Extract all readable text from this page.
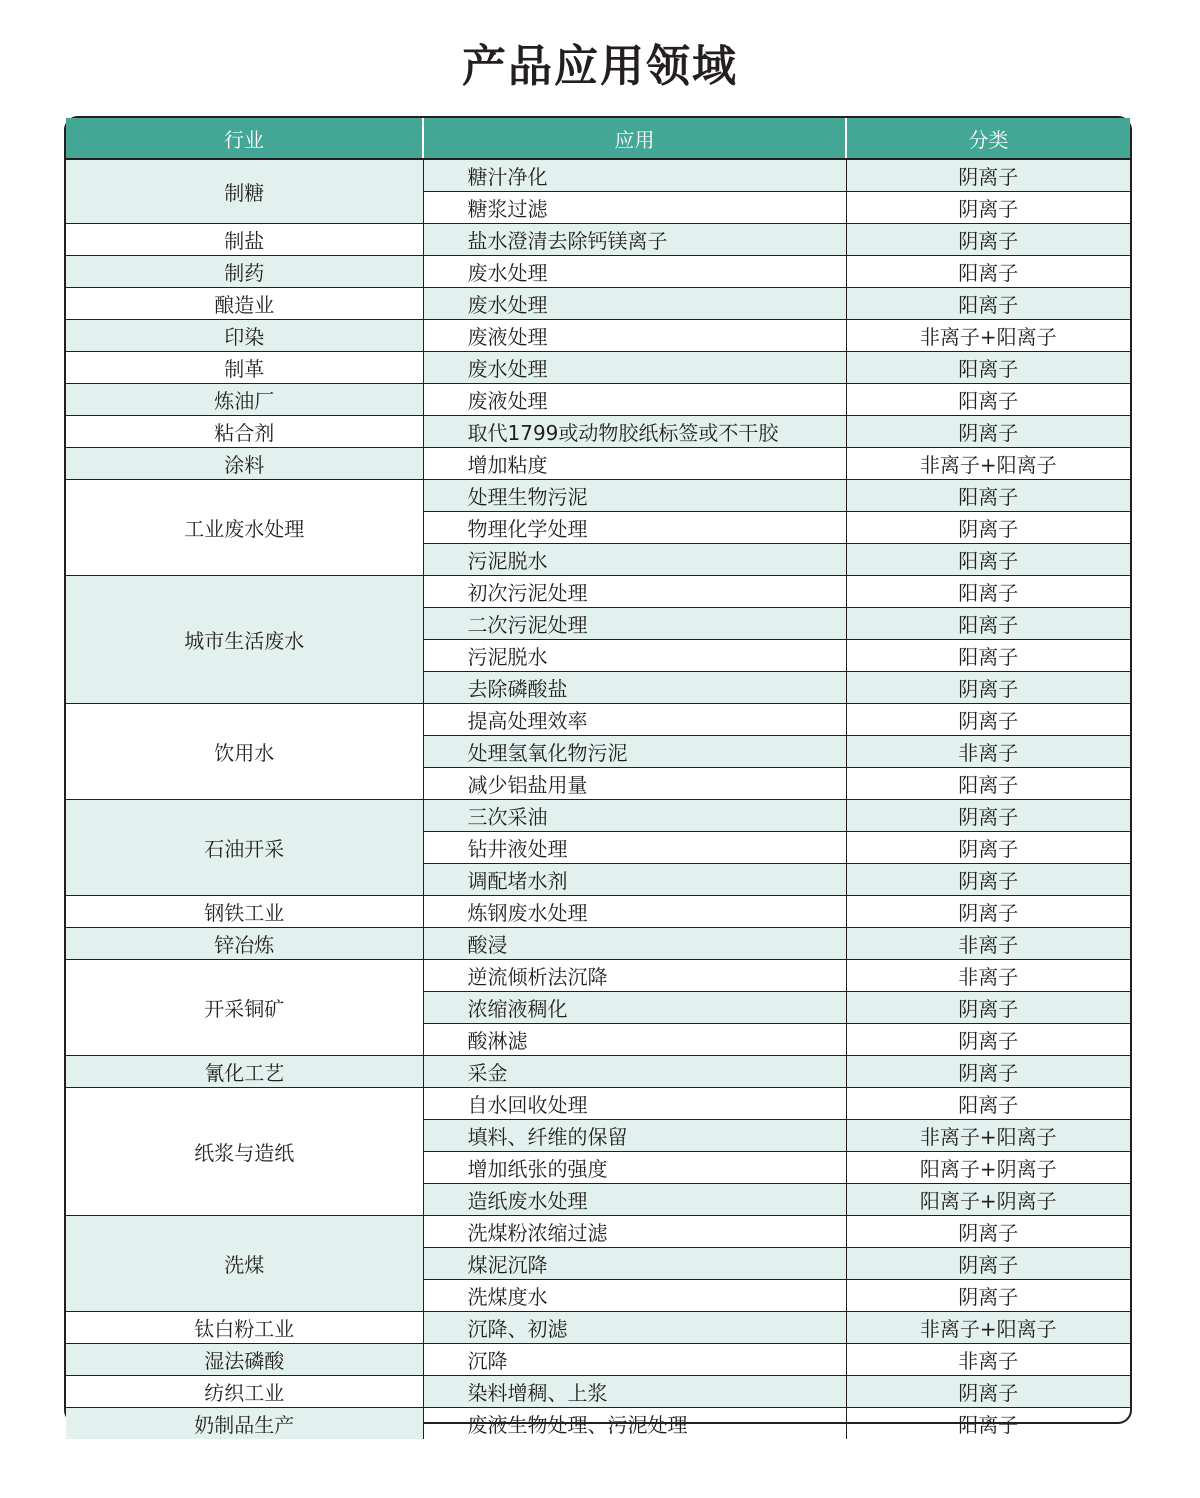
产品应用领域
行业	应用	分类
制糖	糖汁净化	阴离子
	糖浆过滤	阴离子
制盐	盐水澄清去除钙镁离子	阴离子
制药	废水处理	阳离子
酿造业	废水处理	阳离子
印染	废液处理	非离子+阳离子
制革	废水处理	阳离子
炼油厂	废液处理	阳离子
粘合剂	取代1799或动物胶纸标签或不干胶	阴离子
涂料	增加粘度	非离子+阳离子
工业废水处理	处理生物污泥	阳离子
	物理化学处理	阴离子
	污泥脱水	阳离子
城市生活废水	初次污泥处理	阳离子
	二次污泥处理	阳离子
	污泥脱水	阳离子
	去除磷酸盐	阴离子
饮用水	提高处理效率	阴离子
	处理氢氧化物污泥	非离子
	减少铝盐用量	阳离子
石油开采	三次采油	阴离子
	钻井液处理	阴离子
	调配堵水剂	阴离子
钢铁工业	炼钢废水处理	阴离子
锌冶炼	酸浸	非离子
开采铜矿	逆流倾析法沉降	非离子
	浓缩液稠化	阴离子
	酸淋滤	阴离子
氰化工艺	采金	阴离子
纸浆与造纸	自水回收处理	阳离子
	填料、纤维的保留	非离子+阳离子
	增加纸张的强度	阳离子+阴离子
	造纸废水处理	阳离子+阴离子
洗煤	洗煤粉浓缩过滤	阴离子
	煤泥沉降	阴离子
	洗煤度水	阴离子
钛白粉工业	沉降、初滤	非离子+阳离子
湿法磷酸	沉降	非离子
纺织工业	染料增稠、上浆	阴离子
奶制品生产	废液生物处理、污泥处理	阳离子
